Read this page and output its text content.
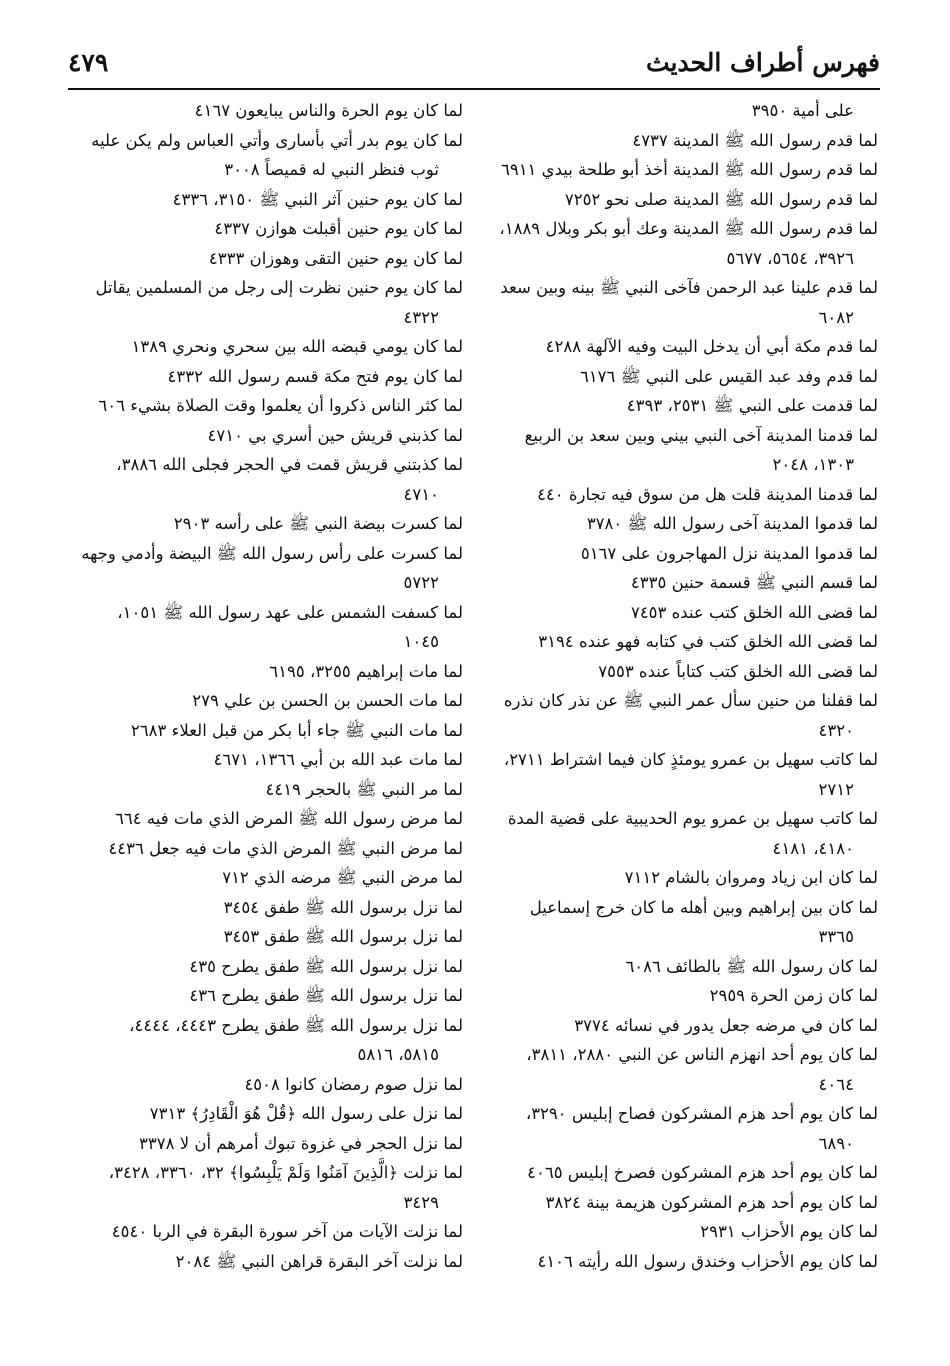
فهرس أطراف الحديث
٤٧٩
على أمية ٣٩٥٠
لما قدم رسول الله ﷺ المدينة ٤٧٣٧
لما قدم رسول الله ﷺ المدينة أخذ أبو طلحة بيدي ٦٩١١
لما قدم رسول الله ﷺ المدينة صلى نحو ٧٢٥٢
لما قدم رسول الله ﷺ المدينة وعك أبو بكر وبلال ١٨٨٩،
٣٩٢٦، ٥٦٥٤، ٥٦٧٧
لما قدم علينا عبد الرحمن فآخى النبي ﷺ بينه وبين سعد
٦٠٨٢
لما قدم مكة أبي أن يدخل البيت وفيه الآلهة ٤٢٨٨
لما قدم وفد عبد القيس على النبي ﷺ ٦١٧٦
لما قدمت على النبي ﷺ ٢٥٣١، ٤٣٩٣
لما قدمنا المدينة آخى النبي بيني وبين سعد بن الربيع
١٣٠٣، ٢٠٤٨
لما قدمنا المدينة قلت هل من سوق فيه تجارة ٤٤٠
لما قدموا المدينة آخى رسول الله ﷺ ٣٧٨٠
لما قدموا المدينة نزل المهاجرون على ٥١٦٧
لما قسم النبي ﷺ قسمة حنين ٤٣٣٥
لما قضى الله الخلق كتب عنده ٧٤٥٣
لما قضى الله الخلق كتب في كتابه فهو عنده ٣١٩٤
لما قضى الله الخلق كتب كتاباً عنده ٧٥٥٣
لما قفلنا من حنين سأل عمر النبي ﷺ عن نذر كان نذره
٤٣٢٠
لما كاتب سهيل بن عمرو يومئذٍ كان فيما اشتراط ٢٧١١،
٢٧١٢
لما كاتب سهيل بن عمرو يوم الحديبية على قضية المدة
٤١٨٠، ٤١٨١
لما كان ابن زياد ومروان بالشام ٧١١٢
لما كان بين إبراهيم وبين أهله ما كان خرج إسماعيل
٣٣٦٥
لما كان رسول الله ﷺ بالطائف ٦٠٨٦
لما كان زمن الحرة ٢٩٥٩
لما كان في مرضه جعل يدور في نسائه ٣٧٧٤
لما كان يوم أحد انهزم الناس عن النبي ٢٨٨٠، ٣٨١١،
٤٠٦٤
لما كان يوم أحد هزم المشركون فصاح إبليس ٣٢٩٠،
٦٨٩٠
لما كان يوم أحد هزم المشركون فصرخ إبليس ٤٠٦٥
لما كان يوم أحد هزم المشركون هزيمة بينة ٣٨٢٤
لما كان يوم الأحزاب ٢٩٣١
لما كان يوم الأحزاب وخندق رسول الله رأيته ٤١٠٦
لما كان يوم الحرة والناس يبايعون ٤١٦٧
لما كان يوم بدر أتي بأسارى وأتي العباس ولم يكن عليه
ثوب فنظر النبي له قميصاً ٣٠٠٨
لما كان يوم حنين آثر النبي ﷺ ٣١٥٠، ٤٣٣٦
لما كان يوم حنين أقبلت هوازن ٤٣٣٧
لما كان يوم حنين التقى وهوزان ٤٣٣٣
لما كان يوم حنين نظرت إلى رجل من المسلمين يقاتل
٤٣٢٢
لما كان يومي قبضه الله بين سحري ونحري ١٣٨٩
لما كان يوم فتح مكة قسم رسول الله ٤٣٣٢
لما كثر الناس ذكروا أن يعلموا وقت الصلاة بشيء ٦٠٦
لما كذبني قريش حين أسري بي ٤٧١٠
لما كذبتني قريش قمت في الحجر فجلى الله ٣٨٨٦،
٤٧١٠
لما كسرت بيضة النبي ﷺ على رأسه ٢٩٠٣
لما كسرت على رأس رسول الله ﷺ البيضة وأدمي وجهه
٥٧٢٢
لما كسفت الشمس على عهد رسول الله ﷺ ١٠٥١،
١٠٤٥
لما مات إبراهيم ٣٢٥٥، ٦١٩٥
لما مات الحسن بن الحسن بن علي ٢٧٩
لما مات النبي ﷺ جاء أبا بكر من قبل العلاء ٢٦٨٣
لما مات عبد الله بن أبي ١٣٦٦، ٤٦٧١
لما مر النبي ﷺ بالحجر ٤٤١٩
لما مرض رسول الله ﷺ المرض الذي مات فيه ٦٦٤
لما مرض النبي ﷺ المرض الذي مات فيه جعل ٤٤٣٦
لما مرض النبي ﷺ مرضه الذي ٧١٢
لما نزل برسول الله ﷺ طفق ٣٤٥٤
لما نزل برسول الله ﷺ طفق ٣٤٥٣
لما نزل برسول الله ﷺ طفق يطرح ٤٣٥
لما نزل برسول الله ﷺ طفق يطرح ٤٣٦
لما نزل برسول الله ﷺ طفق يطرح ٤٤٤٣، ٤٤٤٤،
٥٨١٥، ٥٨١٦
لما نزل صوم رمضان كانوا ٤٥٠٨
لما نزل على رسول الله ﴿قُلْ هُوَ الْقَادِرُ﴾ ٧٣١٣
لما نزل الحجر في غزوة تبوك أمرهم أن لا ٣٣٧٨
لما نزلت ﴿الَّذِينَ آمَنُوا وَلَمْ يَلْبِسُوا﴾ ٣٢، ٣٣٦٠، ٣٤٢٨،
٣٤٢٩
لما نزلت الآيات من آخر سورة البقرة في الربا ٤٥٤٠
لما نزلت آخر البقرة قراهن النبي ﷺ ٢٠٨٤
